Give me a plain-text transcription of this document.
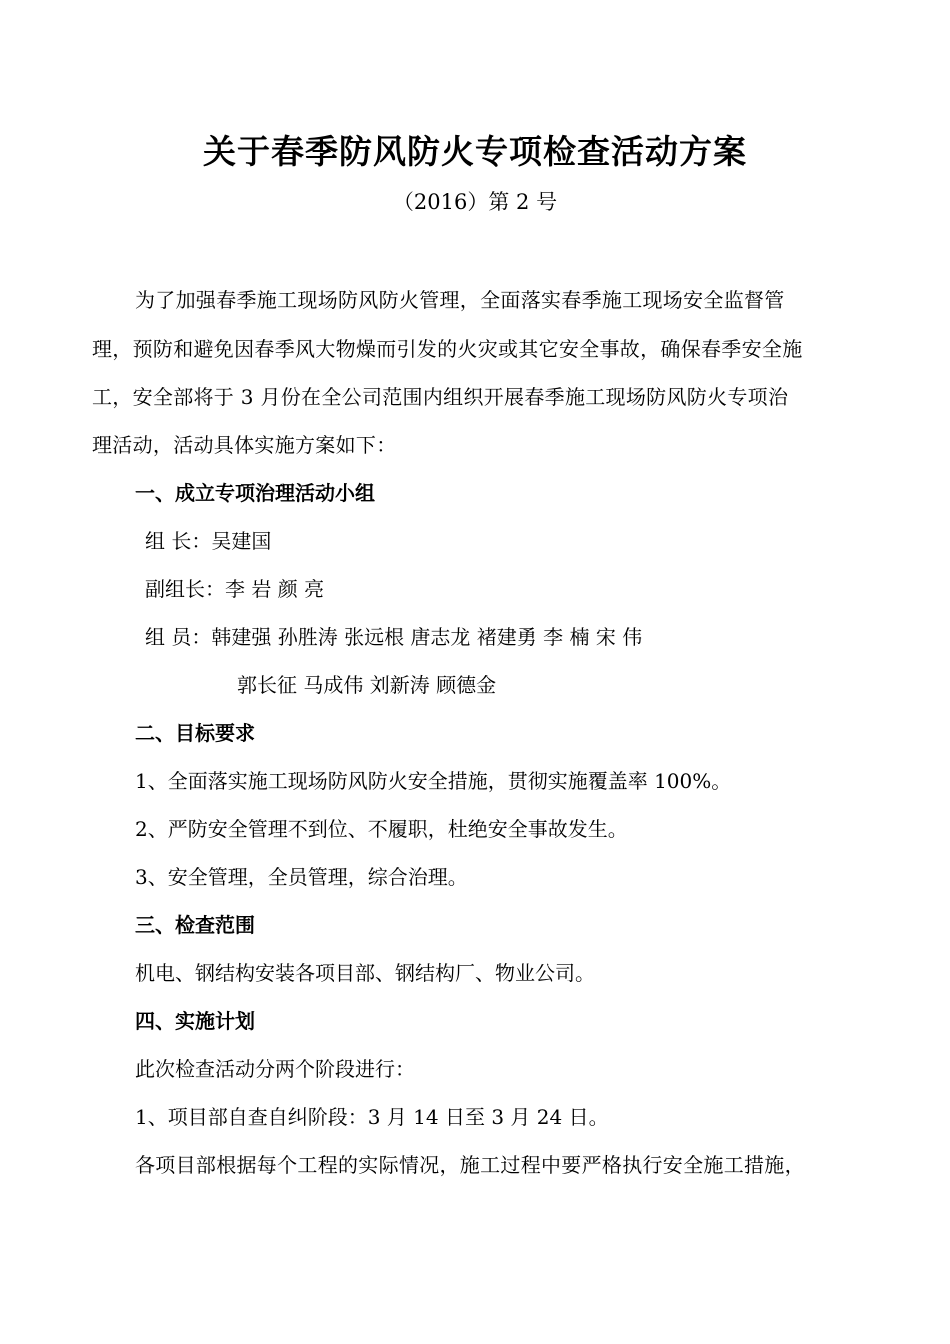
关于春季防风防火专项检查活动方案
（2016）第 2 号
为了加强春季施工现场防风防火管理，全面落实春季施工现场安全监督管
理，预防和避免因春季风大物燥而引发的火灾或其它安全事故，确保春季安全施
工，安全部将于 3 月份在全公司范围内组织开展春季施工现场防风防火专项治
理活动，活动具体实施方案如下：
一、成立专项治理活动小组
组 长：吴建国
副组长：李 岩 颜 亮
组 员：韩建强 孙胜涛 张远根 唐志龙 褚建勇 李 楠 宋 伟
郭长征 马成伟 刘新涛 顾德金
二、目标要求
1、全面落实施工现场防风防火安全措施，贯彻实施覆盖率 100%。
2、严防安全管理不到位、不履职，杜绝安全事故发生。
3、安全管理，全员管理，综合治理。
三、检查范围
机电、钢结构安装各项目部、钢结构厂、物业公司。
四、实施计划
此次检查活动分两个阶段进行：
1、项目部自查自纠阶段：3 月 14 日至 3 月 24 日。
各项目部根据每个工程的实际情况，施工过程中要严格执行安全施工措施，
